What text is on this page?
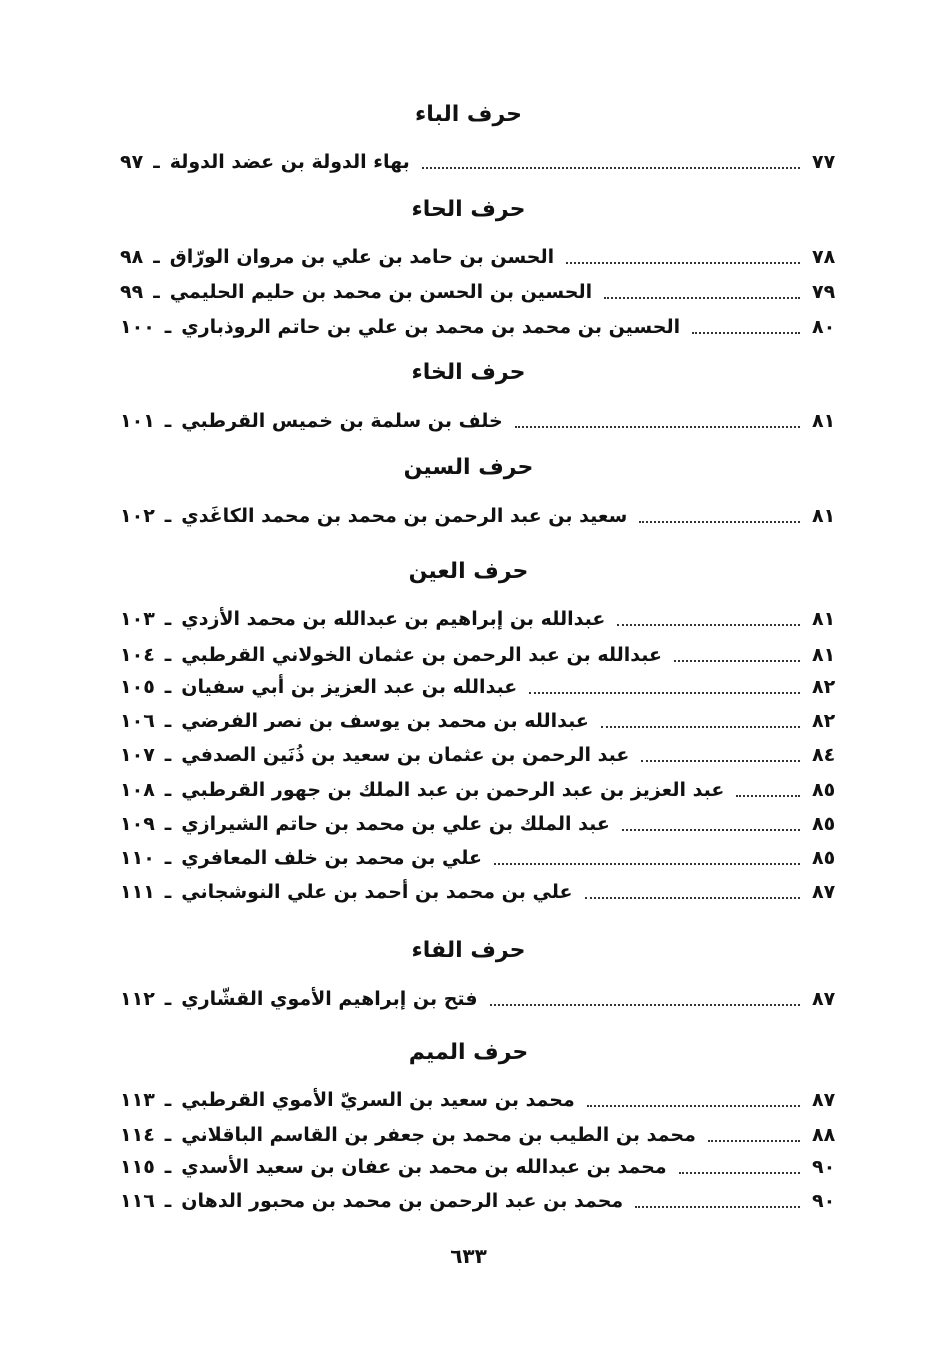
حرف الباء
٩٧ ـ بهاء الدولة بن عضد الدولة	٧٧
حرف الحاء
٩٨ ـ الحسن بن حامد بن علي بن مروان الورّاق	٧٨
٩٩ ـ الحسين بن الحسن بن محمد بن حليم الحليمي	٧٩
١٠٠ ـ الحسين بن محمد بن محمد بن علي بن حاتم الروذباري	٨٠
حرف الخاء
١٠١ ـ خلف بن سلمة بن خميس القرطبي	٨١
حرف السين
١٠٢ ـ سعيد بن عبد الرحمن بن محمد بن محمد الكاغَدي	٨١
حرف العين
١٠٣ ـ عبدالله بن إبراهيم بن عبدالله بن محمد الأزدي	٨١
١٠٤ ـ عبدالله بن عبد الرحمن بن عثمان الخولاني القرطبي	٨١
١٠٥ ـ عبدالله بن عبد العزيز بن أبي سفيان	٨٢
١٠٦ ـ عبدالله بن محمد بن يوسف بن نصر الفرضي	٨٢
١٠٧ ـ عبد الرحمن بن عثمان بن سعيد بن ذُنَين الصدفي	٨٤
١٠٨ ـ عبد العزيز بن عبد الرحمن بن عبد الملك بن جهور القرطبي	٨٥
١٠٩ ـ عبد الملك بن علي بن محمد بن حاتم الشيرازي	٨٥
١١٠ ـ علي بن محمد بن خلف المعافري	٨٥
١١١ ـ علي بن محمد بن أحمد بن علي النوشجاني	٨٧
حرف الفاء
١١٢ ـ فتح بن إبراهيم الأموي القشّاري	٨٧
حرف الميم
١١٣ ـ محمد بن سعيد بن السريّ الأموي القرطبي	٨٧
١١٤ ـ محمد بن الطيب بن محمد بن جعفر بن القاسم الباقلاني	٨٨
١١٥ ـ محمد بن عبدالله بن محمد بن عفان بن سعيد الأسدي	٩٠
١١٦ ـ محمد بن عبد الرحمن بن محمد بن محبور الدهان	٩٠
٦٣٣
